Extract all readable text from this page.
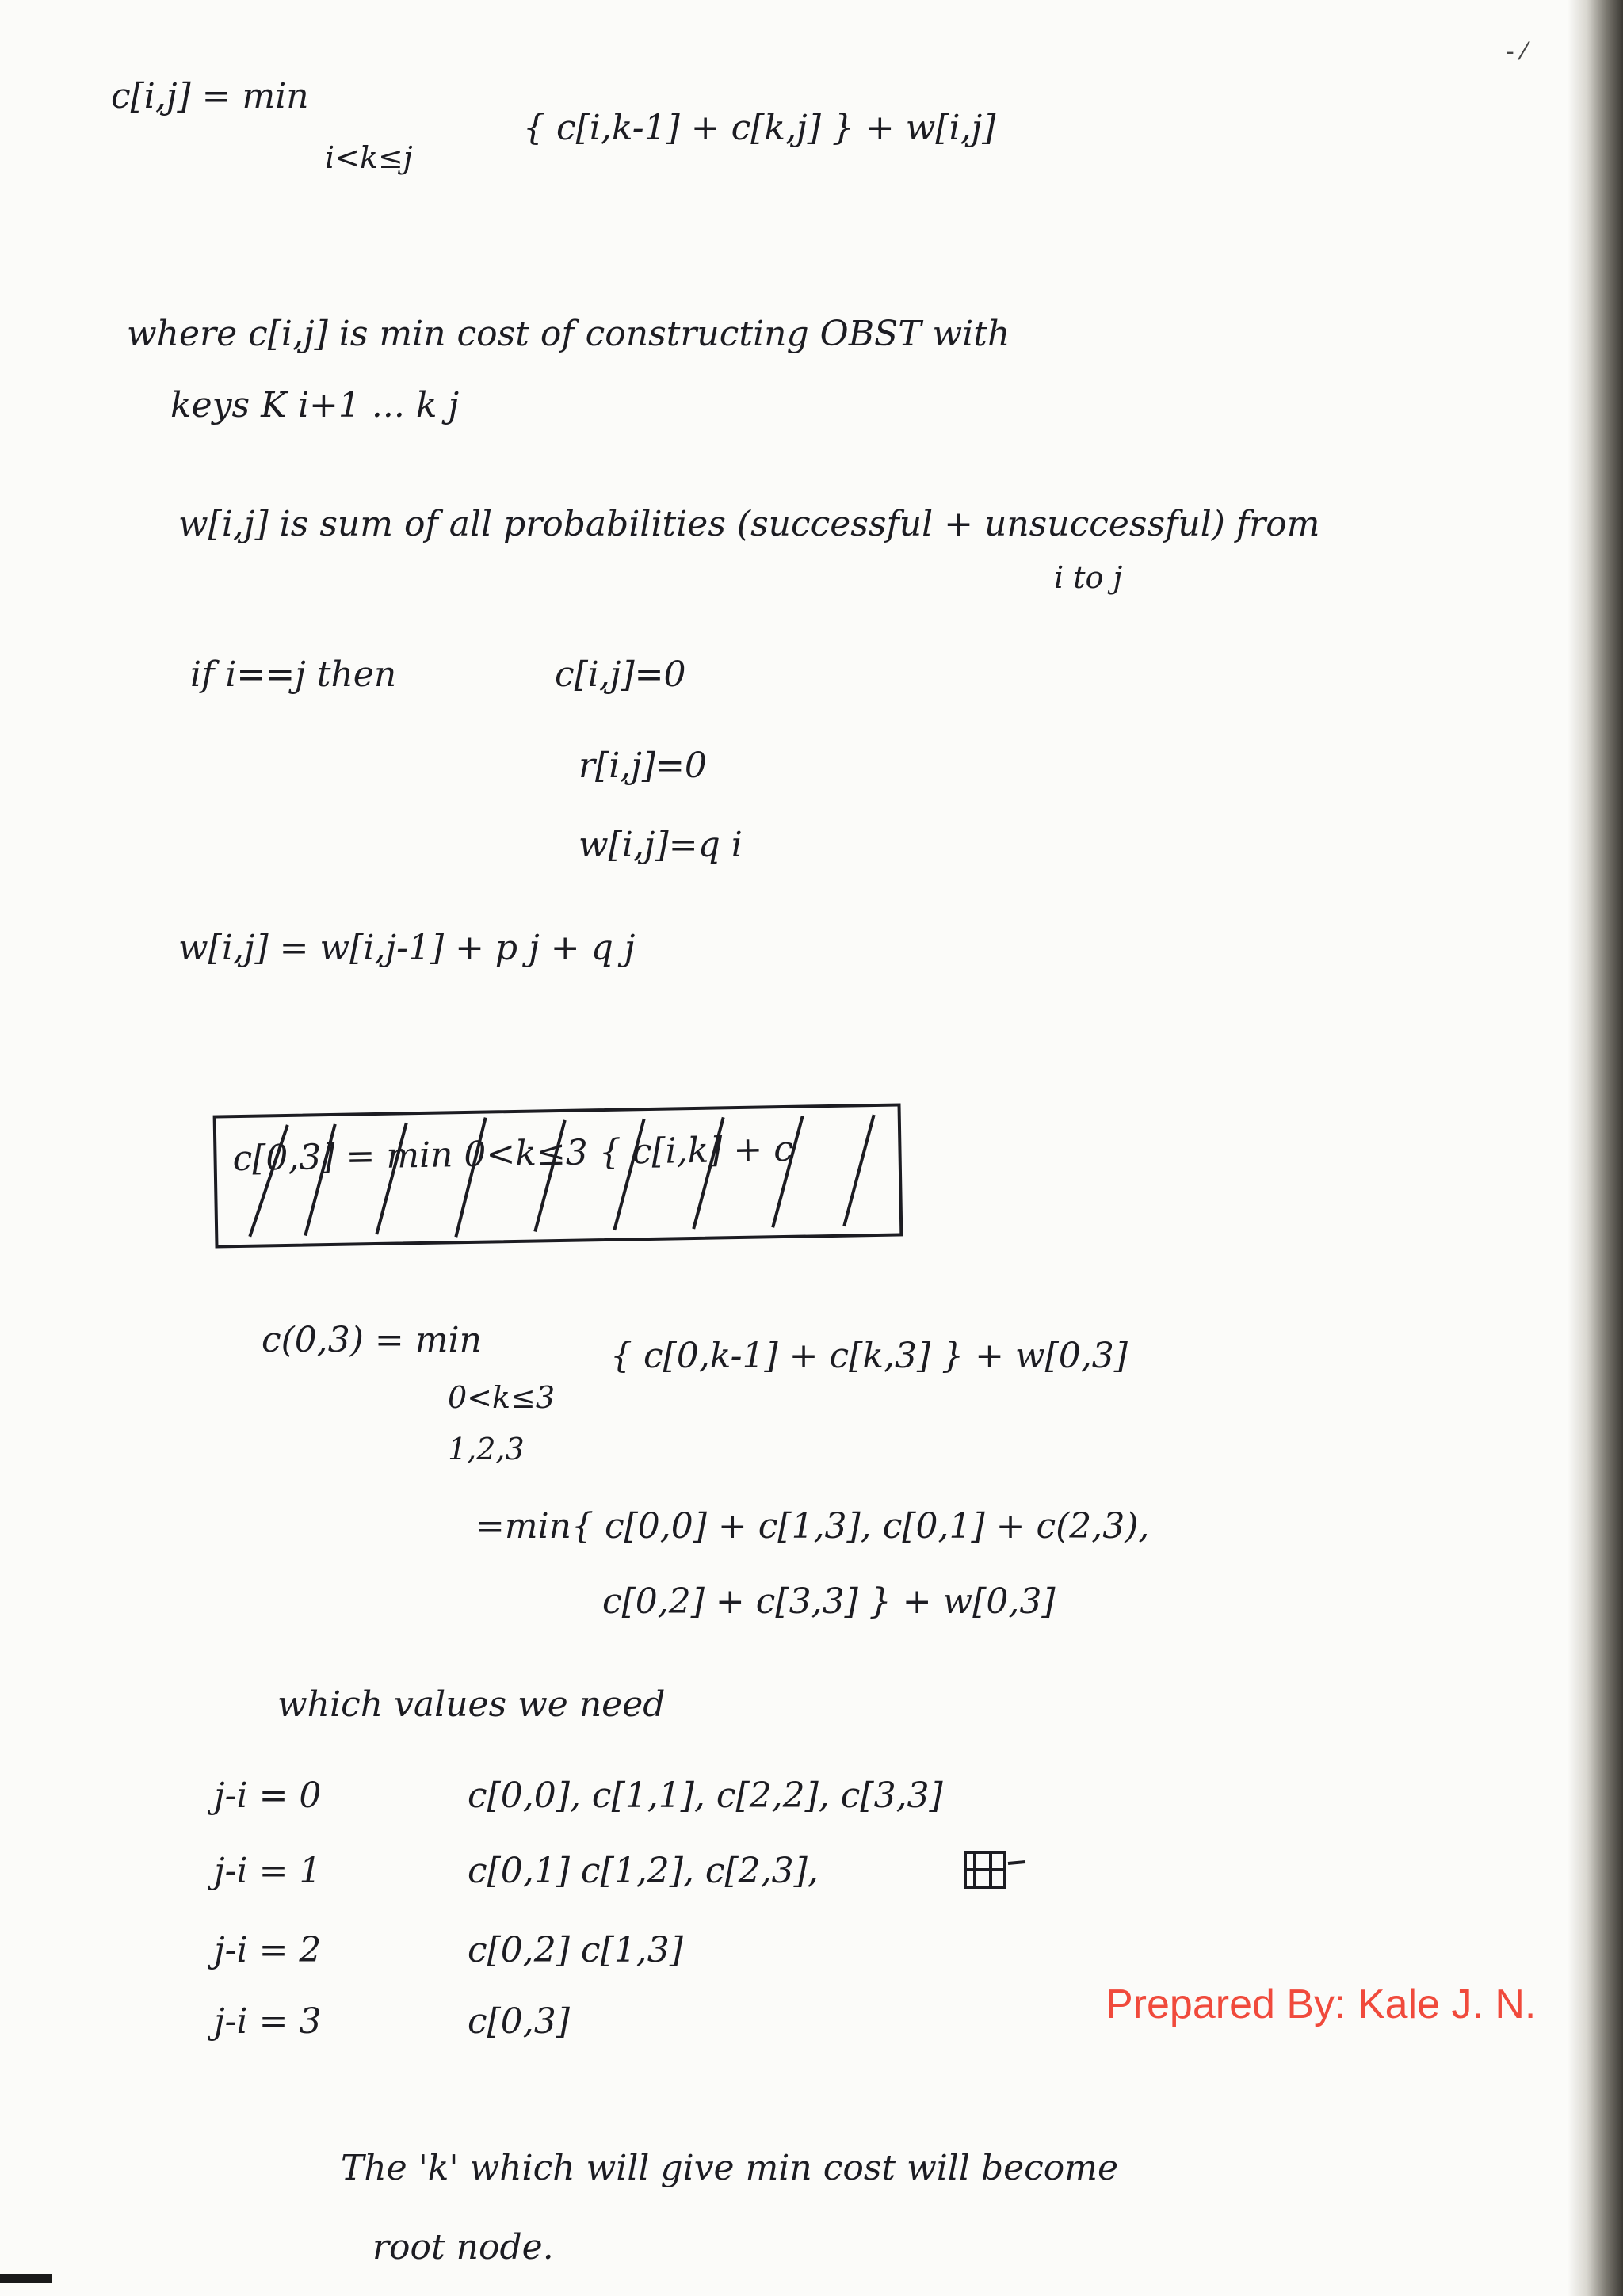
- ⁄
c[i,j] = min
i<k≤j
{ c[i,k-1] + c[k,j] } + w[i,j]
where c[i,j] is min cost of constructing OBST with
keys K i+1 ... k j
w[i,j] is sum of all probabilities (successful + unsuccessful) from
i to j
if i==j then	c[i,j]=0
r[i,j]=0
w[i,j]=q i
w[i,j] = w[i,j-1] + p j + q j
c[0,3] = min 0<k≤3 { c[i,k] + c
c(0,3) = min
0<k≤3
1,2,3
{ c[0,k-1] + c[k,3] } + w[0,3]
=min{ c[0,0] + c[1,3], c[0,1] + c(2,3),
c[0,2] + c[3,3] } + w[0,3]
which values we need
j-i = 0	c[0,0], c[1,1], c[2,2], c[3,3]
j-i = 1	c[0,1] c[1,2], c[2,3],
j-i = 2	c[0,2] c[1,3]
j-i = 3	c[0,3]	Prepared By: Kale J. N.
The 'k' which will give min cost will become
root node.
